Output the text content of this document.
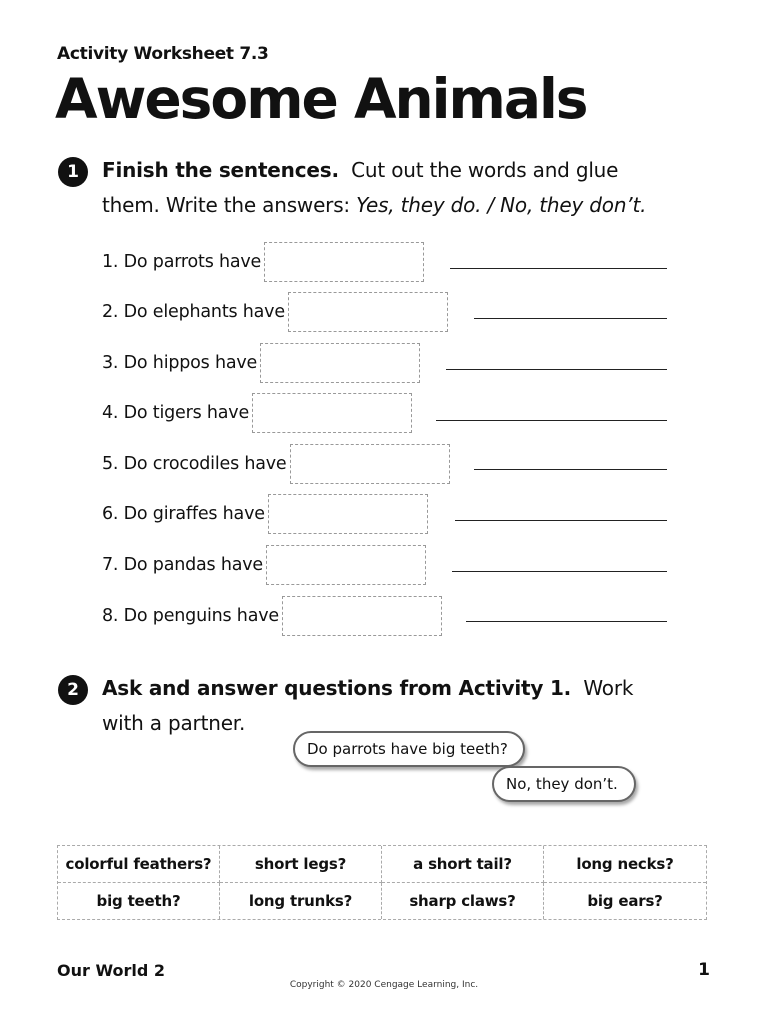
Activity Worksheet 7.3
Awesome Animals
1	Finish the sentences. Cut out the words and glue
them. Write the answers: Yes, they do. / No, they don’t.
1. Do parrots have
2. Do elephants have
3. Do hippos have
4. Do tigers have
5. Do crocodiles have
6. Do giraffes have
7. Do pandas have
8. Do penguins have
2	Ask and answer questions from Activity 1. Work
with a partner.
Do parrots have big teeth?
No, they don’t.
colorful feathers?	short legs?	a short tail?	long necks?
big teeth?	long trunks?	sharp claws?	big ears?
Our World 2	1
Copyright © 2020 Cengage Learning, Inc.
